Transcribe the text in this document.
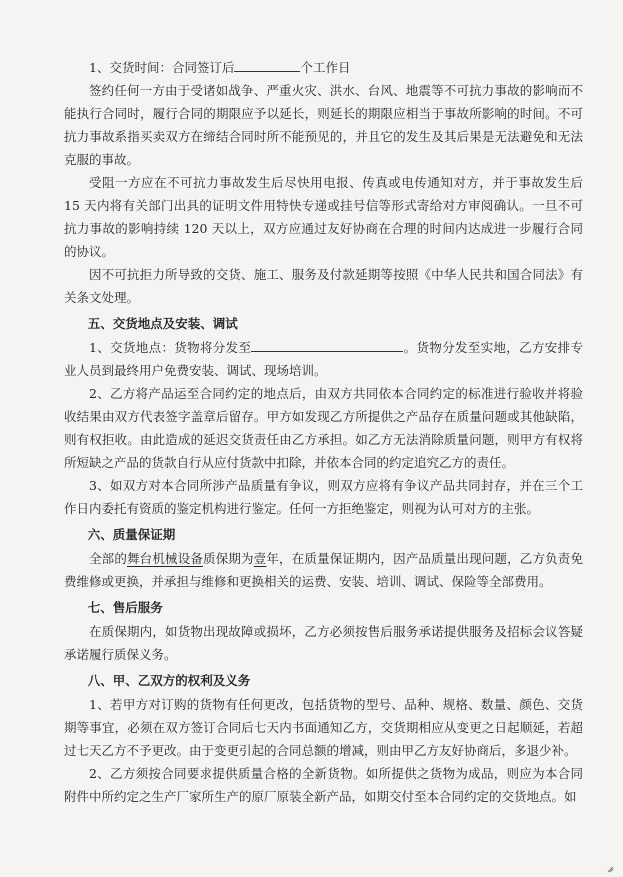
1、交货时间：合同签订后	个工作日

签约任何一方由于受诸如战争、严重火灾、洪水、台风、地震等不可抗力事故的影响而不能执行合同时，履行合同的期限应予以延长，则延长的期限应相当于事故所影响的时间。不可抗力事故系指买卖双方在缔结合同时所不能预见的，并且它的发生及其后果是无法避免和无法克服的事故。

受阻一方应在不可抗力事故发生后尽快用电报、传真或电传通知对方，并于事故发生后 15 天内将有关部门出具的证明文件用特快专递或挂号信等形式寄给对方审阅确认。一旦不可抗力事故的影响持续 120 天以上，双方应通过友好协商在合理的时间内达成进一步履行合同的协议。

因不可抗拒力所导致的交货、施工、服务及付款延期等按照《中华人民共和国合同法》有关条文处理。

五、交货地点及安装、调试

1、交货地点：货物将分发至	。货物分发至实地，乙方安排专业人员到最终用户免费安装、调试、现场培训。

2、乙方将产品运至合同约定的地点后，由双方共同依本合同约定的标准进行验收并将验收结果由双方代表签字盖章后留存。甲方如发现乙方所提供之产品存在质量问题或其他缺陷，则有权拒收。由此造成的延迟交货责任由乙方承担。如乙方无法消除质量问题，则甲方有权将所短缺之产品的货款自行从应付货款中扣除，并依本合同的约定追究乙方的责任。

3、如双方对本合同所涉产品质量有争议，则双方应将有争议产品共同封存，并在三个工作日内委托有资质的鉴定机构进行鉴定。任何一方拒绝鉴定，则视为认可对方的主张。

六、质量保证期

全部的舞台机械设备质保期为壹年，在质量保证期内，因产品质量出现问题，乙方负责免费维修或更换，并承担与维修和更换相关的运费、安装、培训、调试、保险等全部费用。

七、售后服务

在质保期内，如货物出现故障或损坏，乙方必须按售后服务承诺提供服务及招标会议答疑承诺履行质保义务。

八、甲、乙双方的权利及义务

1、若甲方对订购的货物有任何更改，包括货物的型号、品种、规格、数量、颜色、交货期等事宜，必须在双方签订合同后七天内书面通知乙方，交货期相应从变更之日起顺延，若超过七天乙方不予更改。由于变更引起的合同总额的增减，则由甲乙方友好协商后，多退少补。

2、乙方须按合同要求提供质量合格的全新货物。如所提供之货物为成品，则应为本合同附件中所约定之生产厂家所生产的原厂原装全新产品，如期交付至本合同约定的交货地点。如
